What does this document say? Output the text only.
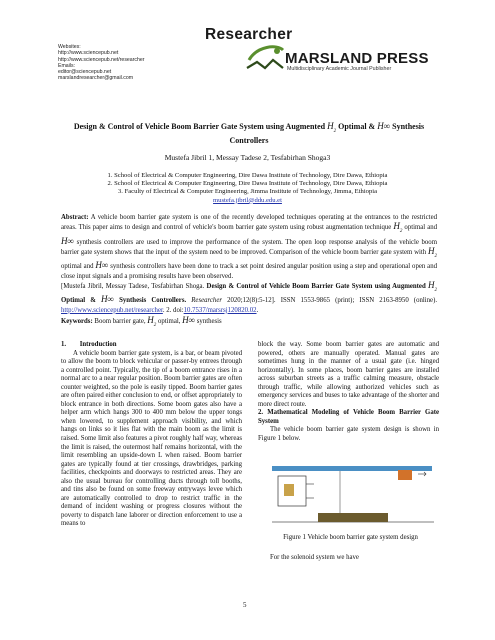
Researcher
Websites:
http://www.sciencepub.net
http://www.sciencepub.net/researcher
Emails:
editor@sciencepub.net
marslandresearcher@gmail.com
MARSLAND PRESS
Multidisciplinary Academic Journal Publisher
Design & Control of Vehicle Boom Barrier Gate System using Augmented $H_2$ Optimal & H∞ Synthesis
Controllers
Mustefa Jibril 1, Messay Tadese 2, Tesfabirhan Shoga3
1. School of Electrical & Computer Engineering, Dire Dawa Institute of Technology, Dire Dawa, Ethiopia
2. School of Electrical & Computer Engineering, Dire Dawa Institute of Technology, Dire Dawa, Ethiopia
3. Faculty of Electrical & Computer Engineering, Jimma Institute of Technology, Jimma, Ethiopia
mustefa.jibril@ddu.edu.et
Abstract: A vehicle boom barrier gate system is one of the recently developed techniques operating at the entrances to the restricted areas. This paper aims to design and control of vehicle's boom barrier gate system using robust augmentation technique $H_2$ optimal and H∞ synthesis controllers are used to improve the performance of the system. The open loop response analysis of the vehicle boom barrier gate system shows that the input of the system need to be improved. Comparison of the vehicle boom barrier gate system with $H_2$ optimal and H∞ synthesis controllers have been done to track a set point desired angular position using a step and operational open and close input signals and a promising results have been observed.
[Mustefa Jibril, Messay Tadese, Tesfabirhan Shoga. Design & Control of Vehicle Boom Barrier Gate System using Augmented $H_2$ Optimal & H∞ Synthesis Controllers. Researcher 2020;12(8):5-12]. ISSN 1553-9865 (print); ISSN 2163-8950 (online). http://www.sciencepub.net/researcher. 2. doi:10.7537/marsrsj120820.02.
Keywords: Boom barrier gate, $H_2$ optimal, H∞ synthesis
1.        Introduction
A vehicle boom barrier gate system, is a bar, or beam pivoted to allow the boom to block vehicular or passer-by entrees through a controlled point. Typically, the tip of a boom entrance rises in a normal arc to a near regular position. Boom barrier gates are often counter weighted, so the pole is easily tipped. Boom barrier gates are often paired either conclusion to end, or offset appropriately to block entrance in both directions. Some boom gates also have a helper arm which hangs 300 to 400 mm below the upper tongs when lowered, to supplement approach visibility, and which hangs on links so it lies flat with the main boom as the limit is raised. Some limit also features a pivot roughly half way, whereas the limit is raised, the outermost half remains horizontal, with the limit resembling an upside-down L when raised. Boom barrier gates are typically found at tier crossings, drawbridges, parking facilities, checkpoints and doorways to restricted areas. They are also the usual bureau for controlling ducts through toll booths, and tins also be found on some freeway entryways levee which are automatically controlled to drop to restrict traffic in the demand of incident washing or progress closures without the poverty to dispatch lane laborer or direction enforcement to use a means to
block the way. Some boom barrier gates are automatic and powered, others are manually operated. Manual gates are sometimes hung in the manner of a usual gate (i.e. hinged horizontally). In some places, boom barrier gates are installed across suburban streets as a traffic calming measure, obstacle through traffic, while allowing authorized vehicles such as emergency services and buses to take advantage of the shorter and more direct route.
2. Mathematical Modeling of Vehicle Boom Barrier Gate System
The vehicle boom barrier gate system design is shown in Figure 1 below.
Figure 1 Vehicle boom barrier gate system design
For the solenoid system we have
5
